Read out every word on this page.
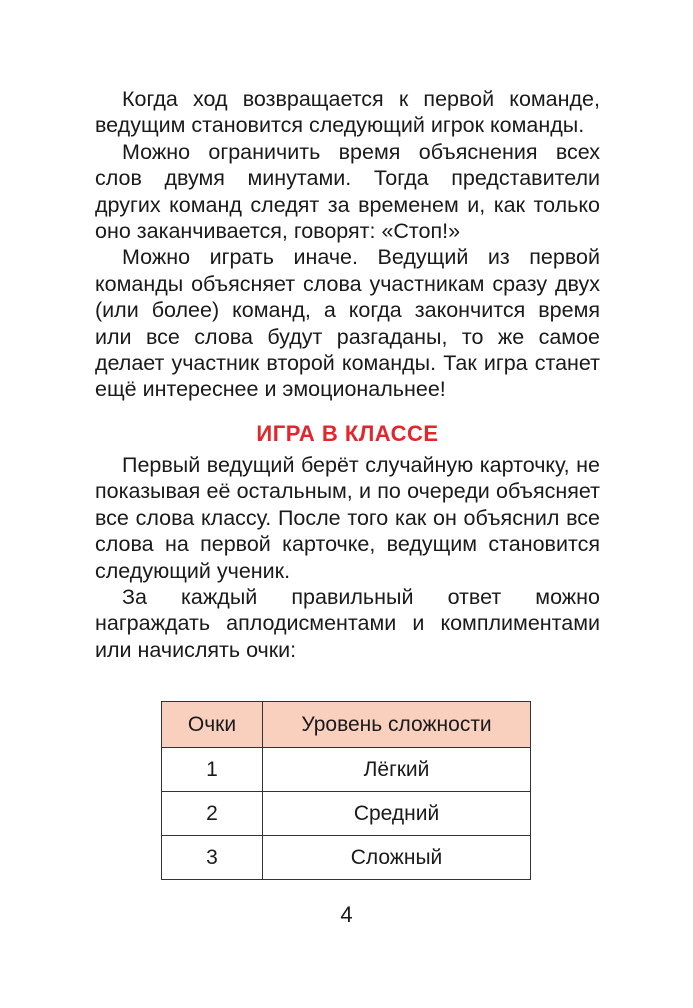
Когда ход возвращается к первой команде, ведущим становится следующий игрок команды.

Можно ограничить время объяснения всех слов двумя минутами. Тогда представители других команд следят за временем и, как только оно заканчивается, говорят: «Стоп!»

Можно играть иначе. Ведущий из первой команды объясняет слова участникам сразу двух (или более) команд, а когда закончится время или все слова будут разгаданы, то же самое делает участник второй команды. Так игра станет ещё интереснее и эмоциональнее!

ИГРА В КЛАССЕ

Первый ведущий берёт случайную карточку, не показывая её остальным, и по очереди объясняет все слова классу. После того как он объяснил все слова на первой карточке, ведущим становится следующий ученик.

За каждый правильный ответ можно награждать аплодисментами и комплиментами или начислять очки:

Очки	Уровень сложности
1	Лёгкий
2	Средний
3	Сложный
4
